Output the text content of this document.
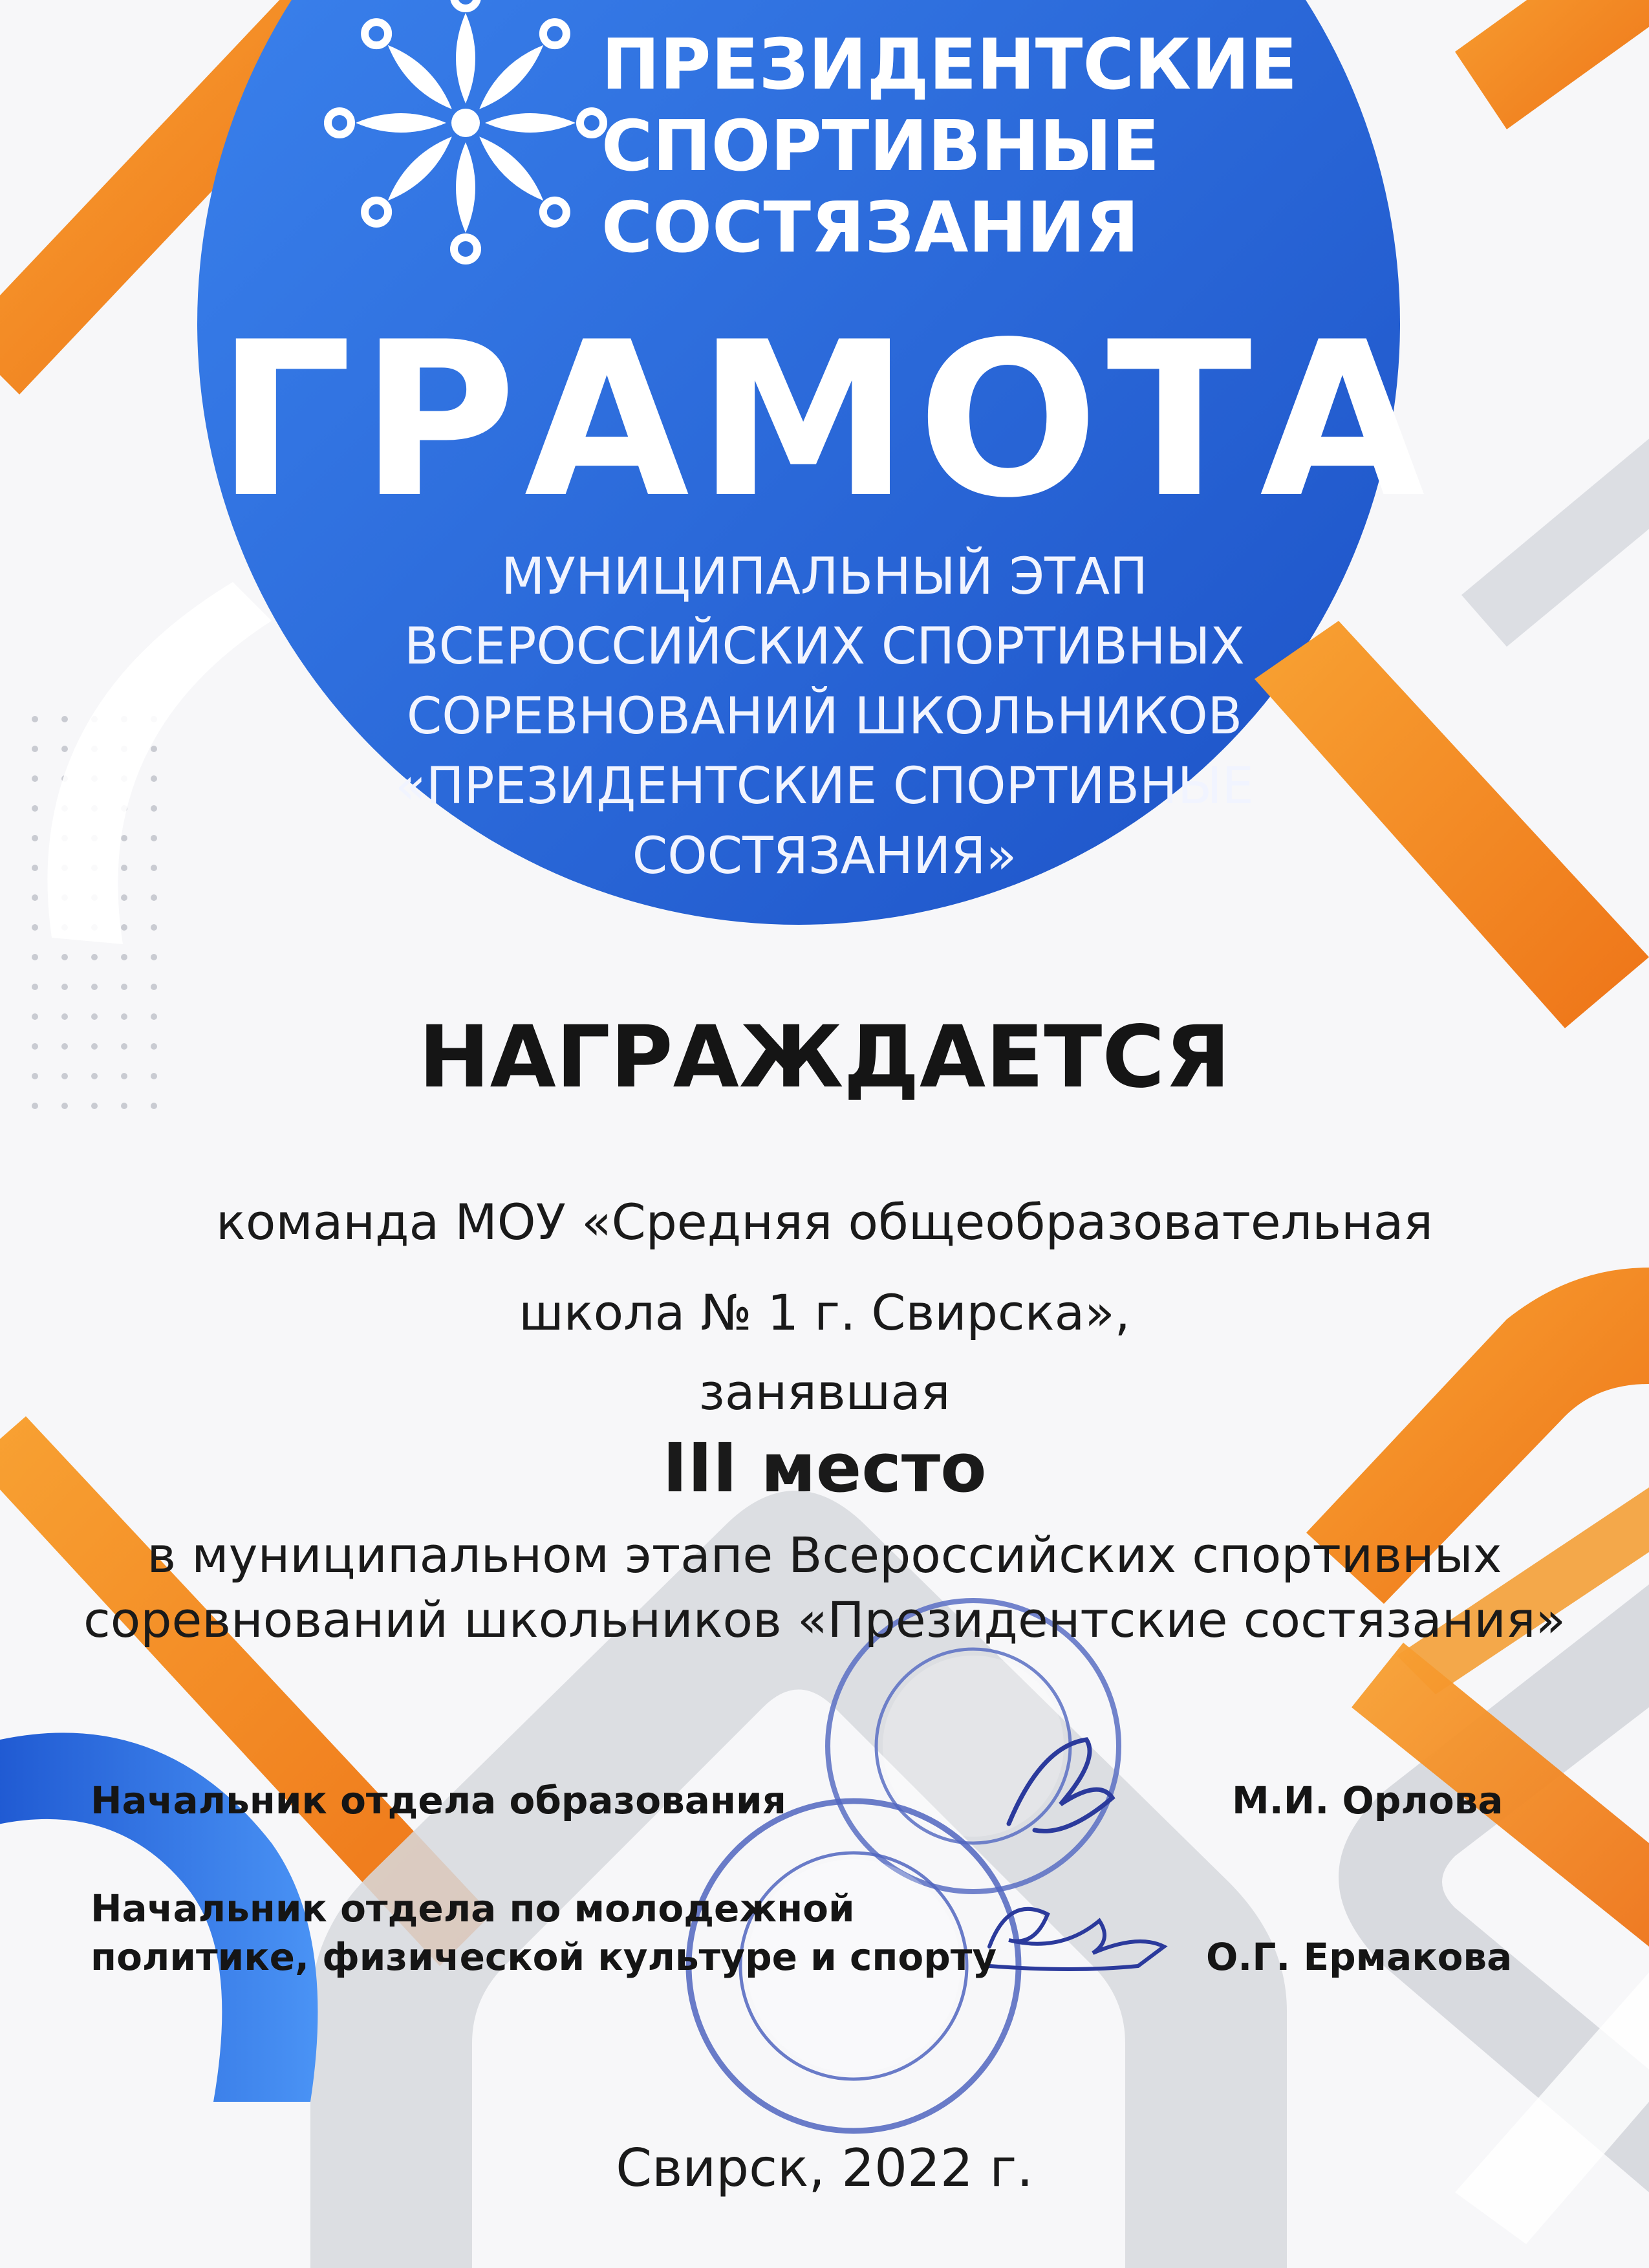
ПРЕЗИДЕНТСКИЕ
СПОРТИВНЫЕ
СОСТЯЗАНИЯ
ГРАМОТА
МУНИЦИПАЛЬНЫЙ ЭТАП
ВСЕРОССИЙСКИХ СПОРТИВНЫХ
СОРЕВНОВАНИЙ ШКОЛЬНИКОВ
«ПРЕЗИДЕНТСКИЕ СПОРТИВНЫЕ
СОСТЯЗАНИЯ»
НАГРАЖДАЕТСЯ
команда МОУ «Средняя общеобразовательная
школа № 1 г. Свирска»,
занявшая
III место
в муниципальном этапе Всероссийских спортивных
соревнований школьников «Президентские состязания»
Начальник отдела образования	М.И. Орлова
Начальник отдела по молодежной
политике, физической культуре и спорту	О.Г. Ермакова
Свирск, 2022 г.
